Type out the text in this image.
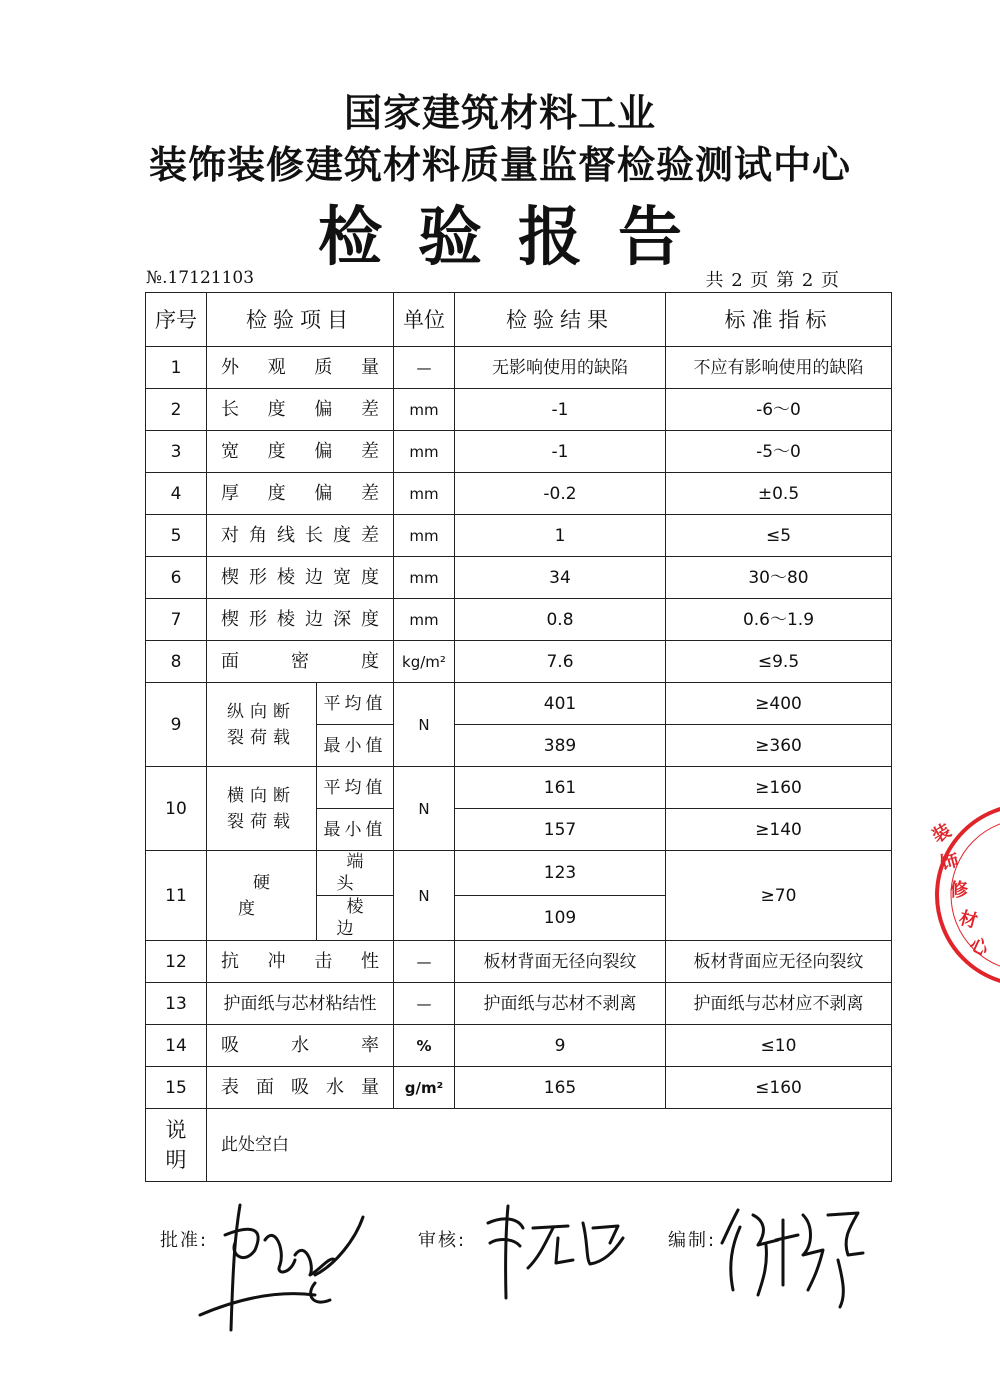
国家建筑材料工业
装饰装修建筑材料质量监督检验测试中心
检验报告
№.17121103	共 2 页 第 2 页
序号	检验项目		单位	检验结果	标准指标
1	外观质量		—	无影响使用的缺陷	不应有影响使用的缺陷
2	长度偏差		mm	-1	-6～0
3	宽度偏差		mm	-1	-5～0
4	厚度偏差		mm	-0.2	±0.5
5	对角线长度差		mm	1	≤5
6	楔形棱边宽度		mm	34	30～80
7	楔形棱边深度		mm	0.8	0.6～1.9
8	面密度		kg/m²	7.6	≤9.5
9	纵向断
裂荷载	平均值	N	401	≥400
		最小值		389	≥360
10	横向断
裂荷载	平均值	N	161	≥160
		最小值		157	≥140
11	硬度	端头	N	123	≥70
		棱边		109	
12	抗冲击性		—	板材背面无径向裂纹	板材背面应无径向裂纹
13	护面纸与芯材粘结性		—	护面纸与芯材不剥离	护面纸与芯材应不剥离
14	吸水率		%	9	≤10
15	表面吸水量		g/m²	165	≤160
说明	此处空白				
批准:	审核:	编制:
装
饰
修
材
心
